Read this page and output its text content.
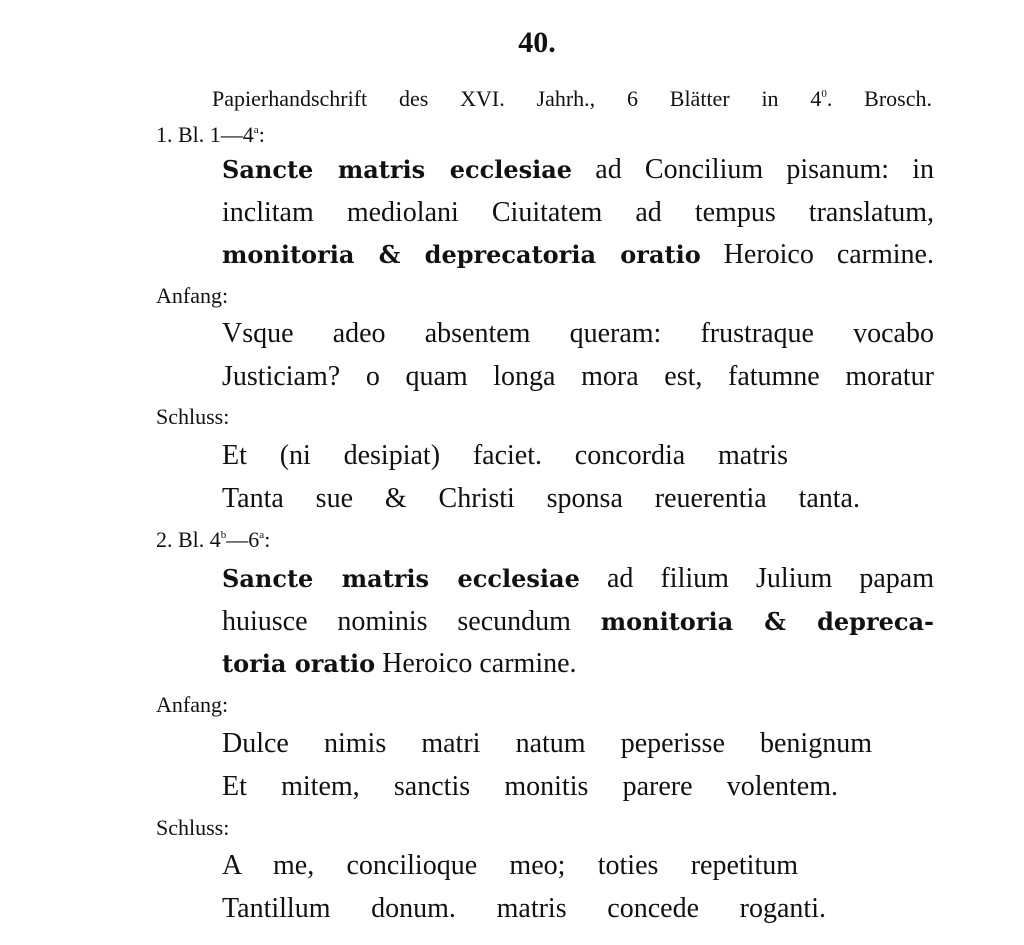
40.
Papierhandschrift des XVI. Jahrh., 6 Blätter in $4^0$. Brosch.
1. Bl. 1—4$^a$:
Sancte matris ecclesiae ad Concilium pisanum: in
inclitam mediolani Ciuitatem ad tempus translatum,
monitoria & deprecatoria oratio Heroico carmine.
Anfang:
Vsque adeo absentem queram: frustraque vocabo
Justiciam? o quam longa mora est, fatumne moratur
Schluss:
Et (ni desipiat) faciet. concordia matris
Tanta sue & Christi sponsa reuerentia tanta.
2. Bl. 4$^b$—6$^a$:
Sancte matris ecclesiae ad filium Julium papam
huiusce nominis secundum monitoria & depreca-
toria oratio Heroico carmine.
Anfang:
Dulce nimis matri natum peperisse benignum
Et mitem, sanctis monitis parere volentem.
Schluss:
A me, concilioque meo; toties repetitum
Tantillum donum. matris concede roganti.
